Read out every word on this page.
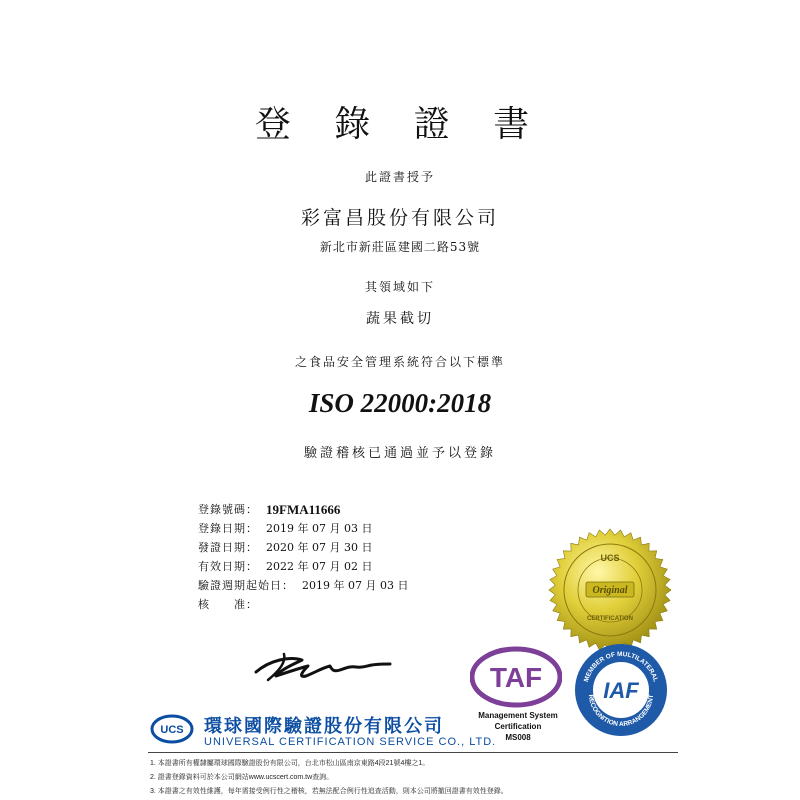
登 錄 證 書
此證書授予
彩富昌股份有限公司
新北市新莊區建國二路53號
其領域如下
蔬果截切
之食品安全管理系統符合以下標準
ISO 22000:2018
驗證稽核已通過並予以登錄
登錄號碼： 19FMA11666
登錄日期： 2019 年 07 月 03 日
發證日期： 2020 年 07 月 30 日
有效日期： 2022 年 07 月 02 日
驗證週期起始日： 2019 年 07 月 03 日
核　　准：
UCS
Original
CERTIFICATION
TAF
Management System
Certification
MS008
MEMBER OF MULTILATERAL
RECOGNITION ARRANGEMENT
IAF
UCS 環球國際驗證股份有限公司
UNIVERSAL CERTIFICATION SERVICE CO., LTD.
1. 本證書所有權隸屬環球國際驗證股份有限公司，台北市松山區南京東路4段21號4樓之1。
2. 證書登錄資料可於本公司網站www.ucscert.com.tw查詢。
3. 本證書之有效性維護，每年需接受例行性之稽核，若無法配合例行性追查活動，則本公司將撤回證書有效性登錄。
